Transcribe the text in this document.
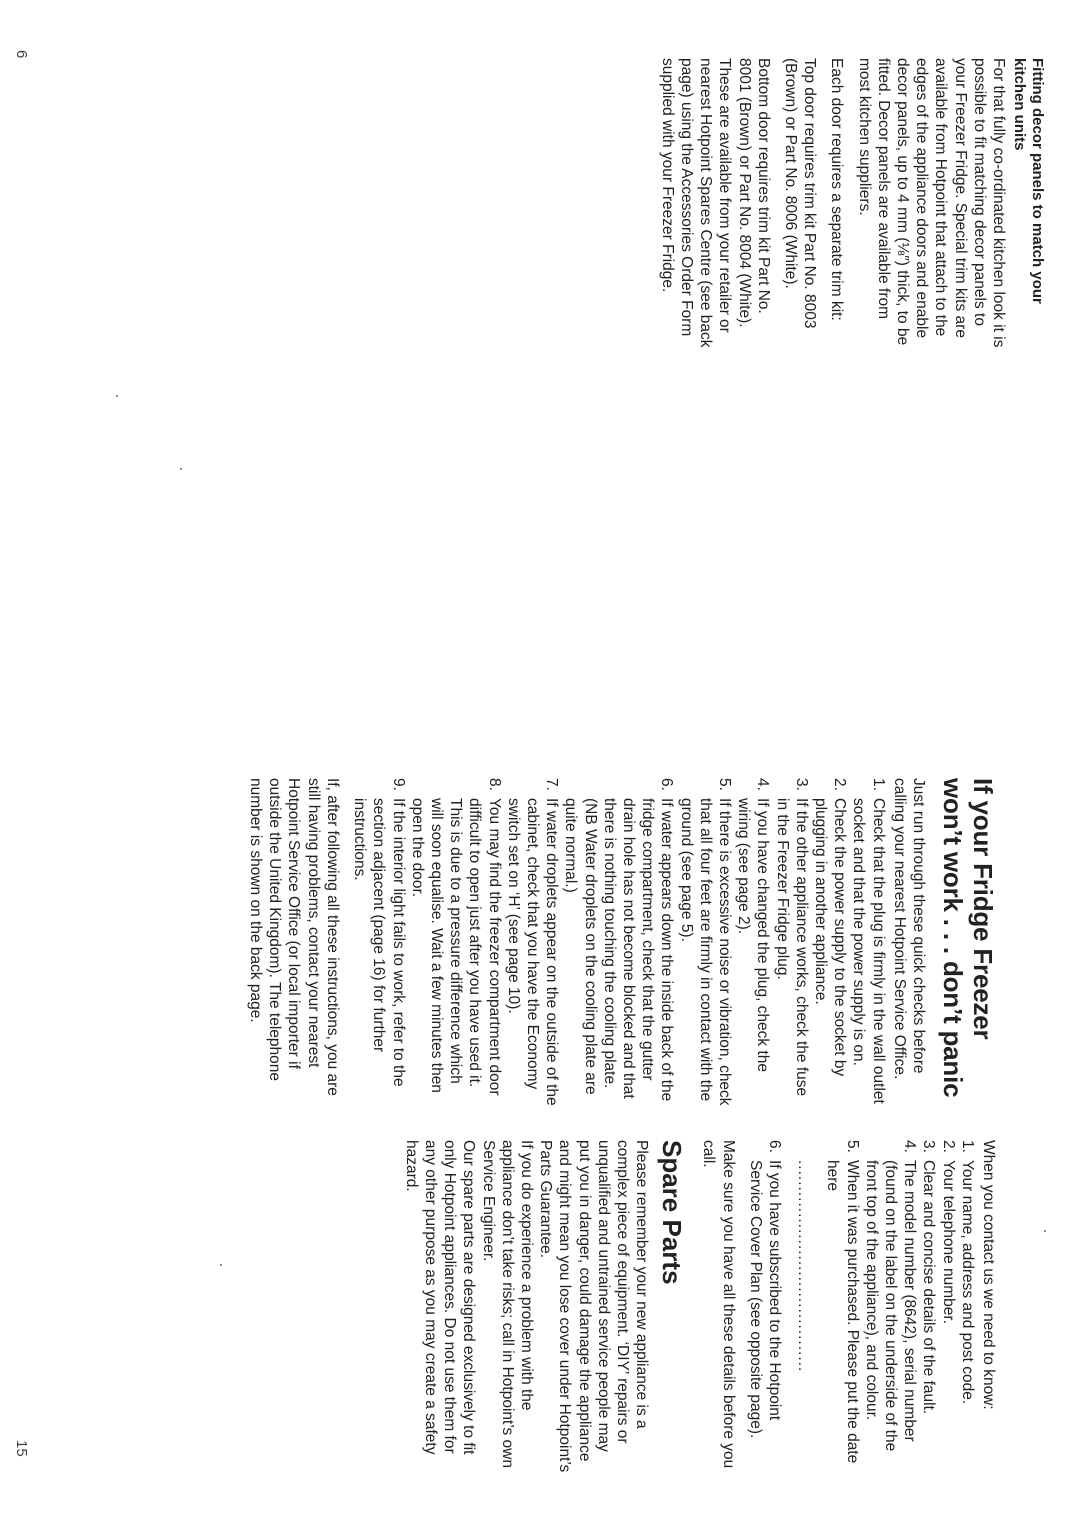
6
15
Fitting decor panels to match your kitchen units

For that fully co-ordinated kitchen look it is possible to fit matching decor panels to your Freezer Fridge. Special trim kits are available from Hotpoint that attach to the edges of the appliance doors and enable decor panels, up to 4 mm (⅛″) thick, to be fitted. Decor panels are available from most kitchen suppliers.

Each door requires a separate trim kit:

Top door requires trim kit Part No. 8003 (Brown) or Part No. 8006 (White).

Bottom door requires trim kit Part No. 8001 (Brown) or Part No. 8004 (White). These are available from your retailer or nearest Hotpoint Spares Centre (see back page) using the Accessories Order Form supplied with your Freezer Fridge.

If your Fridge Freezer won’t work . . . don’t panic

Just run through these quick checks before calling your nearest Hotpoint Service Office.

1.
Check that the plug is firmly in the wall outlet socket and that the power supply is on.
2.
Check the power supply to the socket by plugging in another appliance.
3.
If the other appliance works, check the fuse in the Freezer Fridge plug.
4.
If you have changed the plug, check the wiring (see page 2).
5.
If there is excessive noise or vibration, check that all four feet are firmly in contact with the ground (see page 5).
6.
If water appears down the inside back of the fridge compartment, check that the gutter drain hole has not become blocked and that there is nothing touching the cooling plate. (NB Water droplets on the cooling plate are quite normal.)
7.
If water droplets appear on the outside of the cabinet, check that you have the Economy switch set on ‘H’ (see page 10).
8.
You may find the freezer compartment door difficult to open just after you have used it. This is due to a pressure difference which will soon equalise. Wait a few minutes then open the door.
9.
If the interior light fails to work, refer to the section adjacent (page 16) for further instructions.

If, after following all these instructions, you are still having problems, contact your nearest Hotpoint Service Office (or local importer if outside the United Kingdom). The telephone number is shown on the back page.

When you contact us we need to know:

1.
Your name, address and post code.
2.
Your telephone number.
3.
Clear and concise details of the fault.
4.
The model number (8642), serial number (found on the label on the underside of the front top of the appliance), and colour.
5.
When it was purchased. Please put the date here
........................................
6.
If you have subscribed to the Hotpoint Service Cover Plan (see opposite page).

Make sure you have all these details before you call.

Spare Parts

Please remember your new appliance is a complex piece of equipment. ‘DIY’ repairs or unqualified and untrained service people may put you in danger, could damage the appliance and might mean you lose cover under Hotpoint’s Parts Guarantee.

If you do experience a problem with the appliance don’t take risks; call in Hotpoint’s own Service Engineer.

Our spare parts are designed exclusively to fit only Hotpoint appliances. Do not use them for any other purpose as you may create a safety hazard.
